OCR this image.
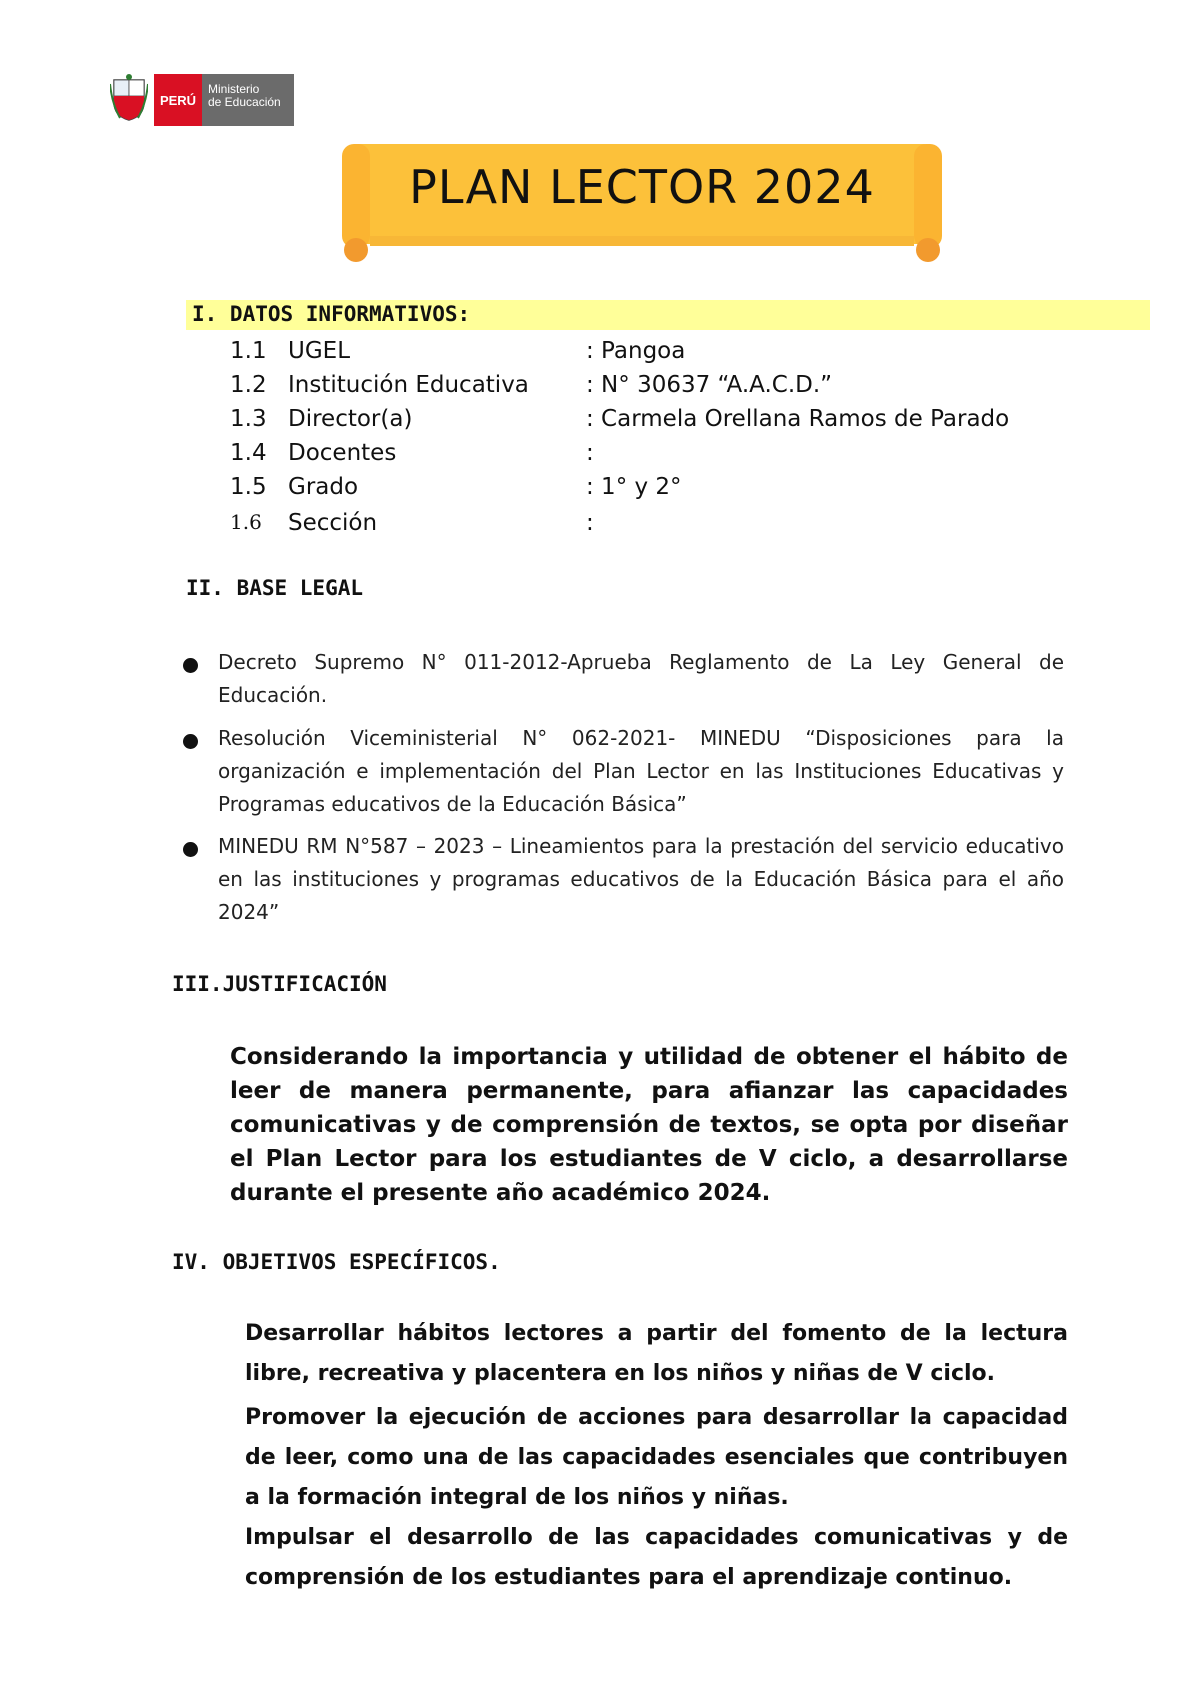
PERÚ
Ministerio
de Educación
PLAN LECTOR 2024
I. DATOS INFORMATIVOS:
1.1 UGEL	: Pangoa
1.2 Institución Educativa : N° 30637 “A.A.C.D.”
1.3 Director(a)	: Carmela Orellana Ramos de Parado
1.4 Docentes	:
1.5 Grado	: 1° y 2°
1.6	Sección	:
II. BASE LEGAL
Decreto Supremo N° 011-2012-Aprueba Reglamento de La Ley General de Educación.
Resolución Viceministerial N° 062-2021- MINEDU “Disposiciones para la organización e implementación del Plan Lector en las Instituciones Educativas y Programas educativos de la Educación Básica”
MINEDU RM N°587 – 2023 – Lineamientos para la prestación del servicio educativo en las instituciones y programas educativos de la Educación Básica para el año 2024”
III.JUSTIFICACIÓN
Considerando la importancia y utilidad de obtener el hábito de leer de manera permanente, para afianzar las capacidades comunicativas y de comprensión de textos, se opta por diseñar el Plan Lector para los estudiantes de V ciclo, a desarrollarse durante el presente año académico 2024.
IV. OBJETIVOS ESPECÍFICOS.
Desarrollar hábitos lectores a partir del fomento de la lectura libre, recreativa y placentera en los niños y niñas de V ciclo.
Promover la ejecución de acciones para desarrollar la capacidad de leer, como una de las capacidades esenciales que contribuyen a la formación integral de los niños y niñas.
Impulsar el desarrollo de las capacidades comunicativas y de comprensión de los estudiantes para el aprendizaje continuo.
